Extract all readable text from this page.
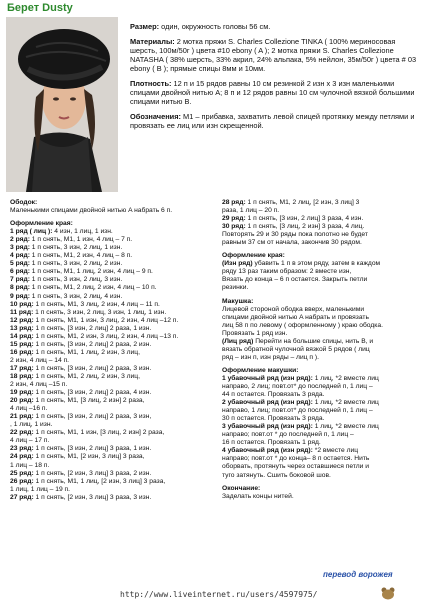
Берет Dusty

Размер: один, окружность головы 56 см.

Материалы: 2 мотка пряжи S. Charles Collezione TINKA ( 100% мериносовая шерсть, 100м/50г ) цвета #10 ebony ( A ); 2 мотка пряжи S. Charles Collezione NATASHA ( 38% шерсть, 33% акрил, 24% альпака, 5% нейлон, 35м/50г ) цвета # 03 ebony ( B ); прямые спицы 8мм и 10мм.

Плотность: 12 п и 15 рядов равны 10 см резинкой 2 изн х 3 изн маленькими спицами двойной нитью A; 8 п и 12 рядов равны 10 см чулочной вязкой большими спицами нитью B.

Обозначения: M1 – прибавка, захватить левой спицей протяжку между петлями и провязать ее лиц или изн скрещенной.

Ободок:

Маленькими спицами двойной нитью A набрать 6 п.

Оформление края:

1 ряд ( лиц ): 4 изн, 1 лиц, 1 изн.

2 ряд: 1 п снять, M1, 1 изн, 4 лиц – 7 п.

3 ряд: 1 п снять, 3 изн, 2 лиц, 1 изн.

4 ряд: 1 п снять, M1, 2 изн, 4 лиц – 8 п.

5 ряд: 1 п снять, 3 изн, 2 лиц, 2 изн.

6 ряд: 1 п снять, M1, 1 лиц, 2 изн, 4 лиц – 9 п.

7 ряд: 1 п снять, 3 изн, 2 лиц, 3 изн.

8 ряд: 1 п снять, M1, 2 лиц, 2 изн, 4 лиц – 10 п.

9 ряд: 1 п снять, 3 изн, 2 лиц, 4 изн.

10 ряд: 1 п снять, M1, 3 лиц, 2 изн, 4 лиц – 11 п.

11 ряд: 1 п снять, 3 изн, 2 лиц, 3 изн, 1 лиц, 1 изн.

12 ряд: 1 п снять, M1, 1 изн, 3 лиц, 2 изн, 4 лиц –12 п.

13 ряд: 1 п снять, [3 изн, 2 лиц] 2 раза, 1 изн.

14 ряд: 1 п снять, M1, 2 изн, 3 лиц, 2 изн, 4 лиц –13 п.

15 ряд: 1 п снять, [3 изн, 2 лиц] 2 раза, 2 изн.

16 ряд: 1 п снять, M1, 1 лиц, 2 изн, 3 лиц,

2 изн, 4 лиц – 14 п.

17 ряд: 1 п снять, [3 изн, 2 лиц] 2 раза, 3 изн.

18 ряд: 1 п снять, M1, 2 лиц, 2 изн, 3 лиц,

2 изн, 4 лиц –15 п.

19 ряд: 1 п снять, [3 изн, 2 лиц] 2 раза, 4 изн.

20 ряд: 1 п снять, M1, [3 лиц, 2 изн] 2 раза,

4 лиц –16 п.

21 ряд: 1 п снять, [3 изн, 2 лиц] 2 раза, 3 изн,

, 1 лиц, 1 изн.

22 ряд: 1 п снять, M1, 1 изн, [3 лиц, 2 изн] 2 раза,

4 лиц – 17 п.

23 ряд: 1 п снять, [3 изн, 2 лиц] 3 раза, 1 изн.

24 ряд: 1 п снять, M1, [2 изн, 3 лиц] 3 раза,

1 лиц – 18 п.

25 ряд: 1 п снять, [2 изн, 3 лиц] 3 раза, 2 изн.

26 ряд: 1 п снять, M1, 1 лиц, [2 изн, 3 лиц] 3 раза,

1 лиц, 1 лиц – 19 п.

27 ряд: 1 п снять, [2 изн, 3 лиц] 3 раза, 3 изн.

28 ряд: 1 п снять, M1, 2 лиц, [2 изн, 3 лиц] 3

раза, 1 лиц – 20 п.

29 ряд: 1 п снять, [3 изн, 2 лиц] 3 раза, 4 изн.

30 ряд: 1 п снять, [3 лиц, 2 изн] 3 раза, 4 лиц.

Повторять 29 и 30 ряды пока полотно не будет

равным 37 см от начала, закончив 30 рядом.

Оформление края:

(Изн ряд) убавить 1 п в этом ряду, затем в каждом

ряду 13 раз таким образом: 2 вместе изн,

Вязать до конца – 6 п остается. Закрыть петли

резинки.

Макушка:

Лицевой стороной ободка вверх, маленькими

спицами двойной нитью A набрать и провязать

лиц 58 п по левому ( оформленному ) краю ободка.

Провязать 1 ряд изн.

(Лиц ряд) Перейти на большие спицы, нить B, и

вязать обратной чулочной вязкой 5 рядов ( лиц

ряд – изн п, изн ряды – лиц п ).

Оформление макушки:

1 убавочный ряд (изн ряд): 1 лиц, *2 вместе лиц

направо, 2 лиц; повт.от* до последней п, 1 лиц –

44 п остается. Провязать 3 ряда.

2 убавочный ряд (изн ряд): 1 лиц, *2 вместе лиц

направо, 1 лиц; повт.от* до последней п, 1 лиц –

30 п остается. Провязать 3 ряда.

3 убавочный ряд (изн ряд): 1 лиц, *2 вместе лиц

направо; повт.от * до последней п, 1 лиц –

16 п остается. Провязать 1 ряд.

4 убавочный ряд (изн ряд): *2 вместе лиц

направо; повт.от * до конца– 8 п остается. Нить

оборвать, протянуть через оставшиеся петли и

туго затянуть. Сшить боковой шов.

Окончание:

Заделать концы нитей.

перевод ворожея
http://www.liveinternet.ru/users/4597975/
